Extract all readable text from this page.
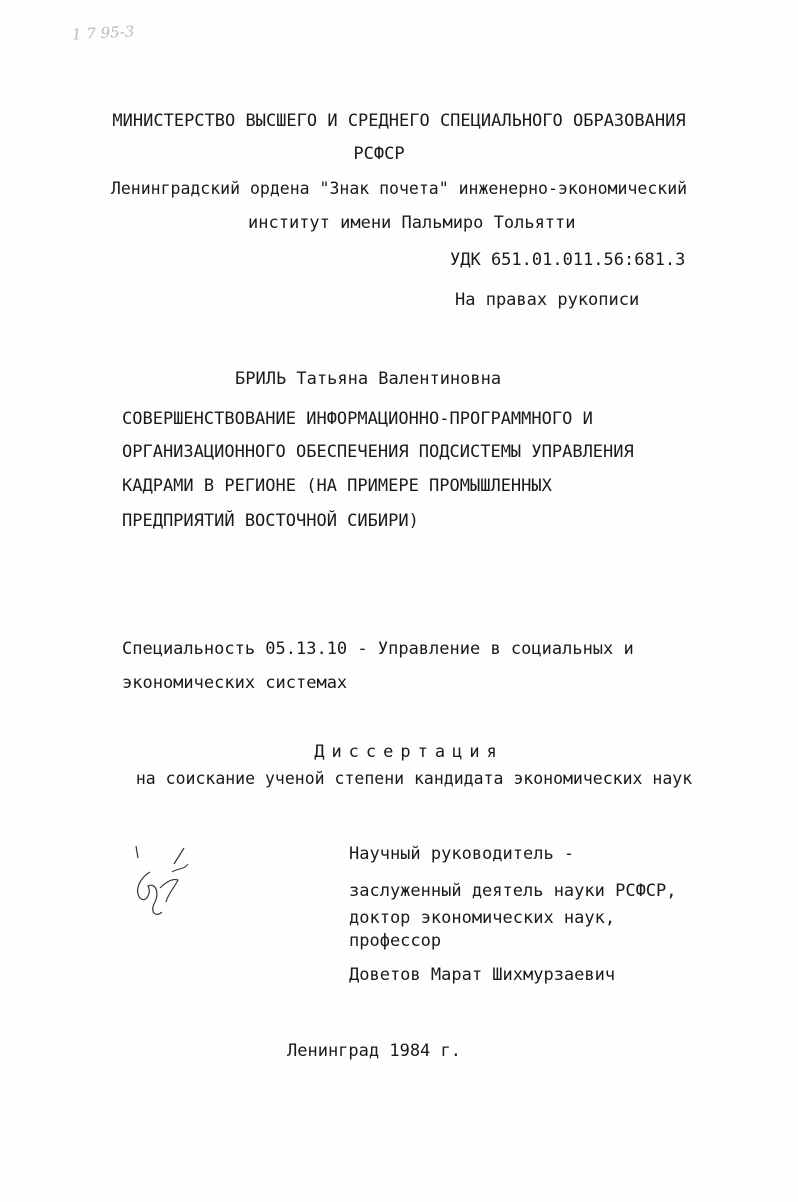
1 7 95-3
МИНИСТЕРСТВО ВЫСШЕГО И СРЕДНЕГО СПЕЦИАЛЬНОГО ОБРАЗОВАНИЯ
РСФСР
Ленинградский ордена "Знак почета" инженерно-экономический
институт имени Пальмиро Тольятти
УДК 651.01.011.56:681.3
На правах рукописи
БРИЛЬ Татьяна Валентиновна
СОВЕРШЕНСТВОВАНИЕ ИНФОРМАЦИОННО-ПРОГРАММНОГО И
ОРГАНИЗАЦИОННОГО ОБЕСПЕЧЕНИЯ ПОДСИСТЕМЫ УПРАВЛЕНИЯ
КАДРАМИ В РЕГИОНЕ (НА ПРИМЕРЕ ПРОМЫШЛЕННЫХ
ПРЕДПРИЯТИЙ ВОСТОЧНОЙ СИБИРИ)
Специальность 05.13.10 - Управление в социальных и
экономических системах
Диссертация
на соискание ученой степени кандидата экономических наук
Научный руководитель -
заслуженный деятель науки РСФСР,
доктор экономических наук,
профессор
Доветов Марат Шихмурзаевич
Ленинград 1984 г.
